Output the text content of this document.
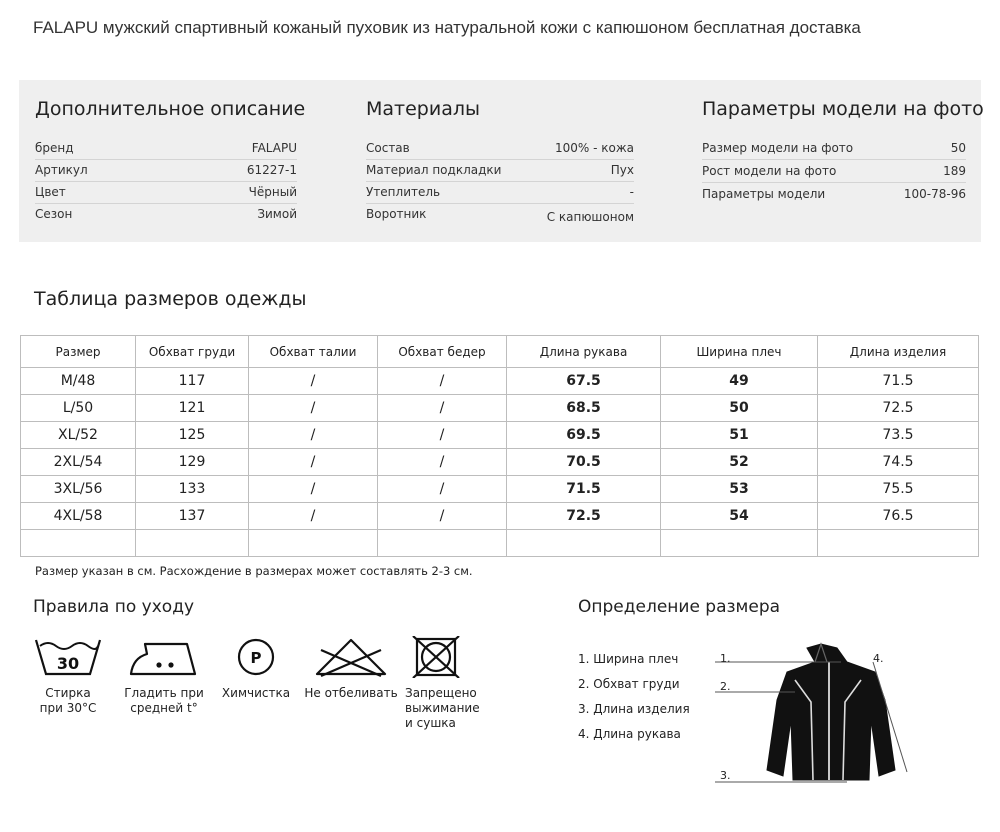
FALAPU мужский спартивный кожаный пуховик из натуральной кожи с капюшоном бесплатная доставка
Дополнительное описание
бренд	FALAPU
Артикул	61227-1
Цвет	Чёрный
Сезон	Зимой
Материалы
Состав	100% - кожа
Материал подкладки	Пух
Утеплитель	-
Воротник	С капюшоном
Параметры модели на фото
Размер модели на фото	50
Рост модели на фото	189
Параметры модели	100-78-96
Таблица размеров одежды
Размер	Обхват груди	Обхват талии	Обхват бедер	Длина рукава	Ширина плеч	Длина изделия
M/48	117	/	/	67.5	49	71.5
L/50	121	/	/	68.5	50	72.5
XL/52	125	/	/	69.5	51	73.5
2XL/54	129	/	/	70.5	52	74.5
3XL/56	133	/	/	71.5	53	75.5
4XL/58	137	/	/	72.5	54	76.5

Размер указан в см. Расхождение в размерах может составлять 2-3 см.
Правила по уходу
30
Стирка
при 30°C
Гладить при
средней t°
P
Химчистка	Не отбеливать Запрещено
выжимание
и сушка
Определение размера
1. Ширина плеч
2. Обхват груди
3. Длина изделия
4. Длина рукава
1.
2.
3.
4.
